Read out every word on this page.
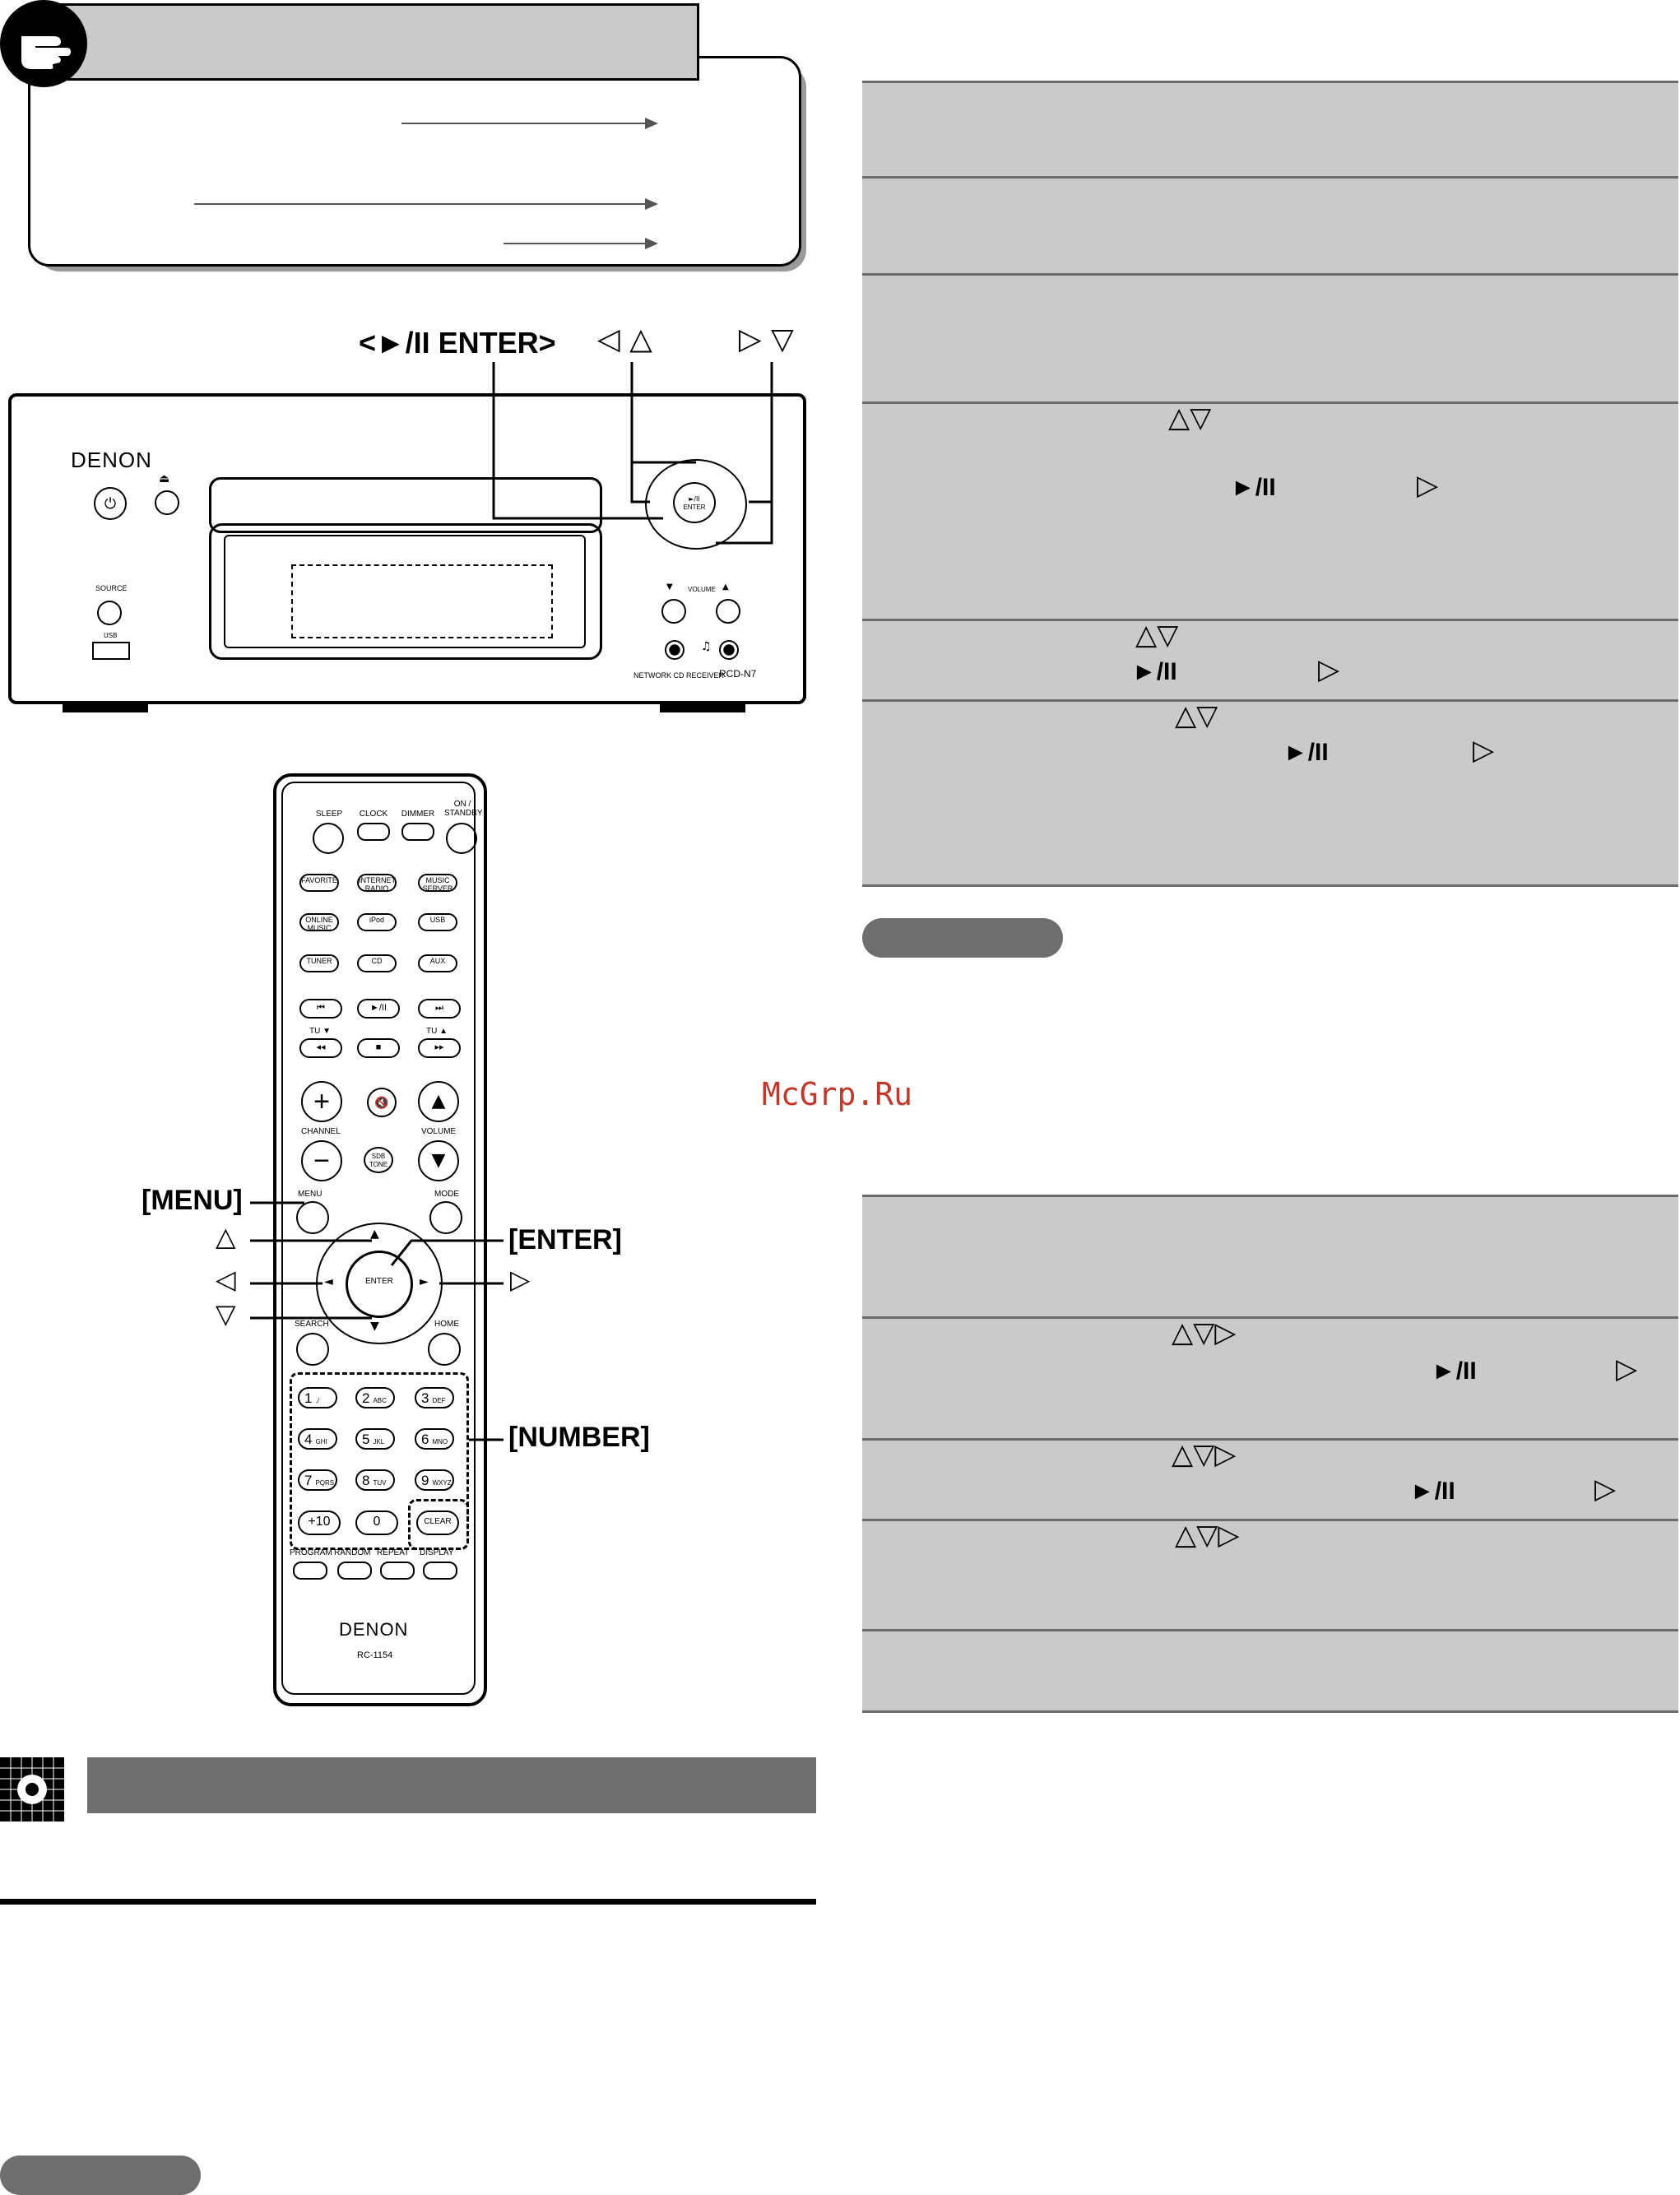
<►/II ENTER> ◁ △	▷ ▽
DENON
⏻
⏏
SOURCE
USB
VOLUME
▼	▲
♫
NETWORK CD RECEIVER
RCD-N7
►/II
ENTER
SLEEP	CLOCK	DIMMER
ON / STANDBY
FAVORITE	INTERNET RADIO
MUSIC SERVER
ONLINE MUSIC
iPod	USB
TUNER	CD	AUX
⏮	►/II	⏭
TU ▼	TU ▲
◂◂	■	▸▸
+	🔇	▲
CHANNEL	VOLUME
−	SDB TONE	▼
MENU	MODE
▲
▼
◄	►
ENTER
SEARCH	HOME
1 ./	2 ABC	3 DEF
4 GHI	5 JKL	6 MNO
7 PQRS	8 TUV	9 WXYZ
+10	0	CLEAR
PROGRAM RANDOM REPEAT DISPLAY
DENON
RC-1154
[MENU]
[ENTER]
[NUMBER]
△
◁
▽
▷
△▽
►/II	▷
△▽
►/II	▷
△▽
►/II	▷
McGrp.Ru
△▽▷
►/II	▷
△▽▷
►/II	▷
△▽▷
